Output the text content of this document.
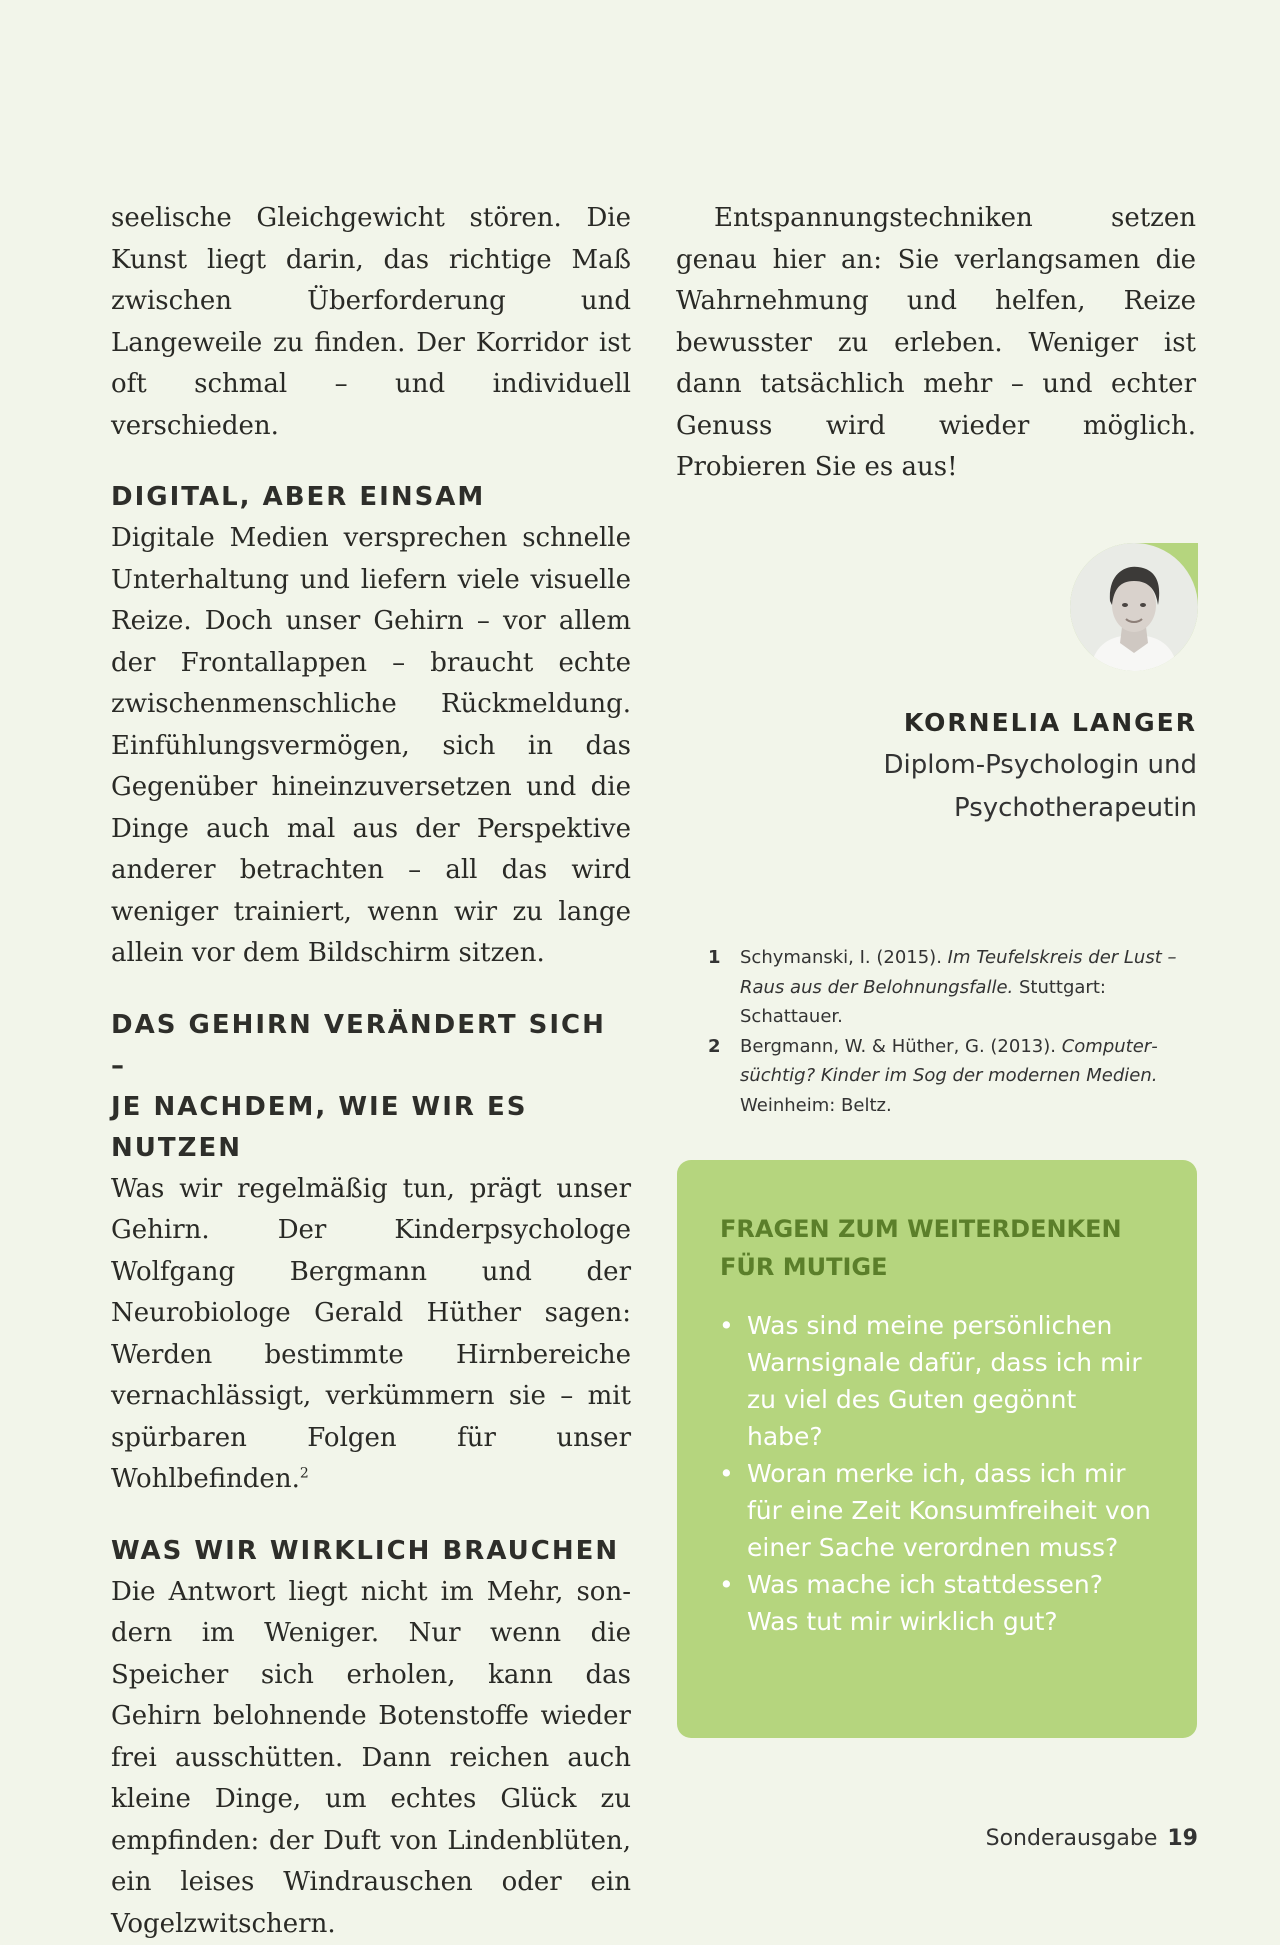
seelische Gleichgewicht stören. Die Kunst liegt darin, das richtige Maß zwischen Überforderung und Langeweile zu finden. Der Korridor ist oft schmal – und individuell verschieden.

DIGITAL, ABER EINSAM

Digitale Medien versprechen schnelle Unterhaltung und liefern viele visuelle Reize. Doch unser Gehirn – vor allem der Frontallappen – braucht echte zwischenmenschliche Rückmeldung. Einfühlungsvermögen, sich in das Gegenüber hineinzuversetzen und die Dinge auch mal aus der Perspektive anderer betrachten – all das wird weniger trainiert, wenn wir zu lange allein vor dem Bildschirm sitzen.

DAS GEHIRN VERÄNDERT SICH –
JE NACHDEM, WIE WIR ES NUTZEN

Was wir regelmäßig tun, prägt unser Gehirn. Der Kinderpsychologe Wolfgang Bergmann und der Neurobiologe Gerald Hüther sagen: Werden bestimmte Hirnbereiche vernachlässigt, verkümmern sie – mit spürbaren Folgen für unser Wohlbefinden.$^2$

WAS WIR WIRKLICH BRAUCHEN

Die Antwort liegt nicht im Mehr, sondern im Weniger. Nur wenn die Speicher sich erholen, kann das Gehirn belohnende Botenstoffe wieder frei ausschütten. Dann reichen auch kleine Dinge, um echtes Glück zu empfinden: der Duft von Lindenblüten, ein leises Windrauschen oder ein Vogelzwitschern.

Entspannungstechniken setzen genau hier an: Sie verlangsamen die Wahrnehmung und helfen, Reize bewusster zu erleben. Weniger ist dann tatsächlich mehr – und echter Genuss wird wieder möglich. Probieren Sie es aus!

KORNELIA LANGER
Diplom-Psychologin und
Psychotherapeutin
1 Schymanski, I. (2015). Im Teufelskreis der Lust – Raus aus der Belohnungsfalle. Stuttgart: Schattauer.
2 Bergmann, W. & Hüther, G. (2013). Computersüchtig? Kinder im Sog der modernen Medien. Weinheim: Beltz.
FRAGEN ZUM WEITERDENKEN
FÜR MUTIGE
• Was sind meine persönlichen Warnsignale dafür, dass ich mir zu viel des Guten gegönnt habe?
• Woran merke ich, dass ich mir für eine Zeit Konsumfreiheit von einer Sache verordnen muss?
• Was mache ich stattdessen? Was tut mir wirklich gut?
Sonderausgabe 19
